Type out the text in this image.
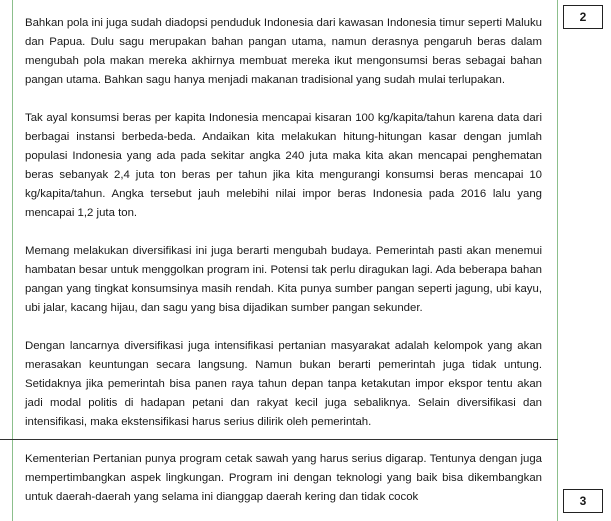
2

Bahkan pola ini juga sudah diadopsi penduduk Indonesia dari kawasan Indonesia timur seperti Maluku dan Papua. Dulu sagu merupakan bahan pangan utama, namun derasnya pengaruh beras dalam mengubah pola makan mereka akhirnya membuat mereka ikut mengonsumsi beras sebagai bahan pangan utama. Bahkan sagu hanya menjadi makanan tradisional yang sudah mulai terlupakan.

Tak ayal konsumsi beras per kapita Indonesia mencapai kisaran 100 kg/kapita/tahun karena data dari berbagai instansi berbeda-beda. Andaikan kita melakukan hitung-hitungan kasar dengan jumlah populasi Indonesia yang ada pada sekitar angka 240 juta maka kita akan mencapai penghematan beras sebanyak 2,4 juta ton beras per tahun jika kita mengurangi konsumsi beras mencapai 10 kg/kapita/tahun. Angka tersebut jauh melebihi nilai impor beras Indonesia pada 2016 lalu yang mencapai 1,2 juta ton.

Memang melakukan diversifikasi ini juga berarti mengubah budaya. Pemerintah pasti akan menemui hambatan besar untuk menggolkan program ini. Potensi tak perlu diragukan lagi. Ada beberapa bahan pangan yang tingkat konsumsinya masih rendah. Kita punya sumber pangan seperti jagung, ubi kayu, ubi jalar, kacang hijau, dan sagu yang bisa dijadikan sumber pangan sekunder.

Dengan lancarnya diversifikasi juga intensifikasi pertanian masyarakat adalah kelompok yang akan merasakan keuntungan secara langsung. Namun bukan berarti pemerintah juga tidak untung. Setidaknya jika pemerintah bisa panen raya tahun depan tanpa ketakutan impor ekspor tentu akan jadi modal politis di hadapan petani dan rakyat kecil juga sebaliknya. Selain diversifikasi dan intensifikasi, maka ekstensifikasi harus serius dilirik oleh pemerintah.

Kementerian Pertanian punya program cetak sawah yang harus serius digarap. Tentunya dengan juga mempertimbangkan aspek lingkungan. Program ini dengan teknologi yang baik bisa dikembangkan untuk daerah-daerah yang selama ini dianggap daerah kering dan tidak cocok	3
